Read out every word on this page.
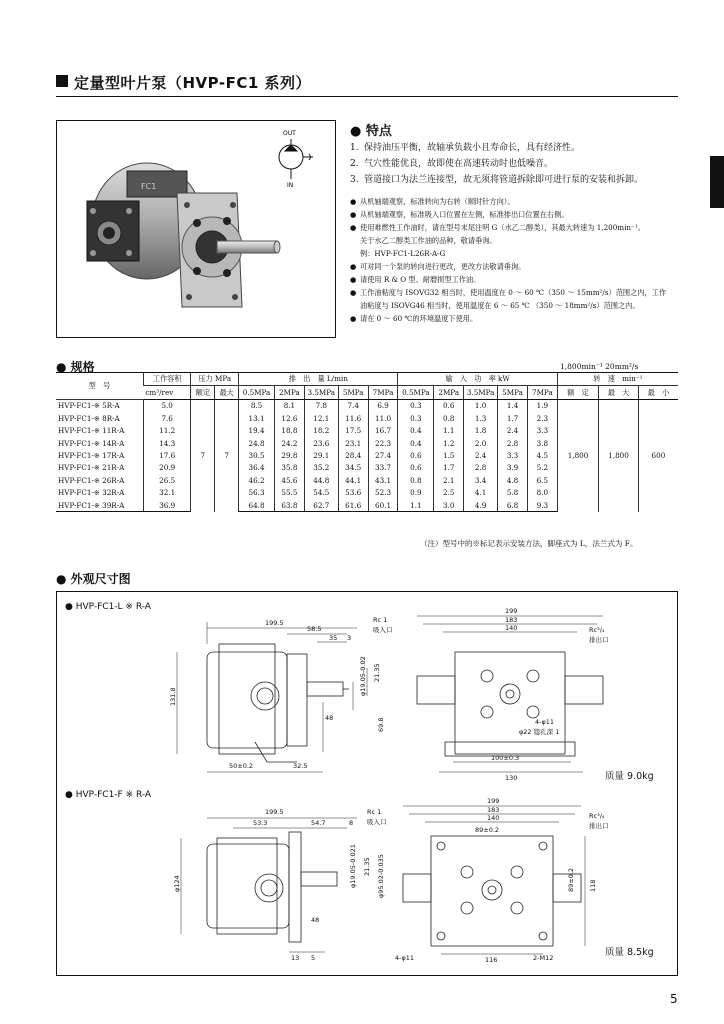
定量型叶片泵（HVP-FC1 系列）
FC1
OUT
IN
● 特点
1. 保持油压平衡，故轴承负载小且寿命长，具有经济性。
2. 气穴性能优良，故即使在高速转动时也低噪音。
3. 管道接口为法兰连接型，故无须将管道拆除即可进行泵的安装和拆卸。
● 从机轴端观察，标准转向为右转（顺时针方向）。
● 从机轴端观察，标准吸入口位置在左侧，标准排出口位置在右侧。
● 使用难燃性工作油时，请在型号末尾注明 G（水乙二醇类），其最大转速为 1,200min⁻¹。
关于水乙二醇类工作油的品种，敬请垂询。
例：HVP-FC1-L26R-A-G
● 可对同一个泵的转向进行更改，更改方法敬请垂询。
● 请使用 R & O 型、耐磨损型工作油。
● 工作油粘度与 ISOVG32 相当时，使用温度在 0 ～ 60 ℃（350 ～ 15mm²/s）范围之内，工作
油粘度与 ISOVG46 相当时，使用温度在 6 ～ 65 ℃ （350 ～ 18mm²/s）范围之内。
● 请在 0 ～ 60 ℃的环境温度下使用。
● 规格	1,800min⁻¹ 20mm²/s
型　号	工作容积	压力 MPa		排　出　量 L/min					输　入　功　率 kW					转　速　min⁻¹		
	cm³/rev	额定	最大	0.5MPa	2MPa	3.5MPa	5MPa	7MPa	0.5MPa	2MPa	3.5MPa	5MPa	7MPa	额　定	最　大	最　小
HVP-FC1-※ 5R-A	5.0	7	7	8.5	8.1	7.8	7.4	6.9	0.3	0.6	1.0	1.4	1.9	1,800	1,800	600
HVP-FC1-※ 8R-A	7.6			13.1	12.6	12.1	11.6	11.0	0.3	0.8	1.3	1.7	2.3			
HVP-FC1-※ 11R-A	11.2			19.4	18.8	18.2	17.5	16.7	0.4	1.1	1.8	2.4	3.3			
HVP-FC1-※ 14R-A	14.3			24.8	24.2	23.6	23.1	22.3	0.4	1.2	2.0	2.8	3.8			
HVP-FC1-※ 17R-A	17.6			30.5	29.8	29.1	28.4	27.4	0.6	1.5	2.4	3.3	4.5			
HVP-FC1-※ 21R-A	20.9			36.4	35.8	35.2	34.5	33.7	0.6	1.7	2.8	3.9	5.2			
HVP-FC1-※ 26R-A	26.5			46.2	45.6	44.8	44.1	43.1	0.8	2.1	3.4	4.8	6.5			
HVP-FC1-※ 32R-A	32.1			56.3	55.5	54.5	53.6	52.3	0.9	2.5	4.1	5.8	8.0			
HVP-FC1-※ 39R-A	36.9			64.8	63.8	62.7	61.6	60.1	1.1	3.0	4.9	6.8	9.3			
（注）型号中的※标记表示安装方法，脚座式为 L，法兰式为 F。
● 外观尺寸图
● HVP-FC1-L ※ R-A
● HVP-FC1-F ※ R-A
质量 9.0kg
质量 8.5kg
199.5
58.5
35 3
131.8
48	69.8
50±0.2	32.5
φ19.05-0.02 21.35
199
183
140
100±0.3
130
Rc 1
吸入口	Rc³/₄
排出口
4-φ11
φ22 锪孔深 1
199.5
53.3	54.7	8
φ124
48
13 5
φ19.05-0.021 21.35 φ95.02-0.035
199
183
140
89±0.2
116
118
89±0.2
Rc 1
吸入口
Rc³/₄
排出口
4-φ11	2-M12
5
